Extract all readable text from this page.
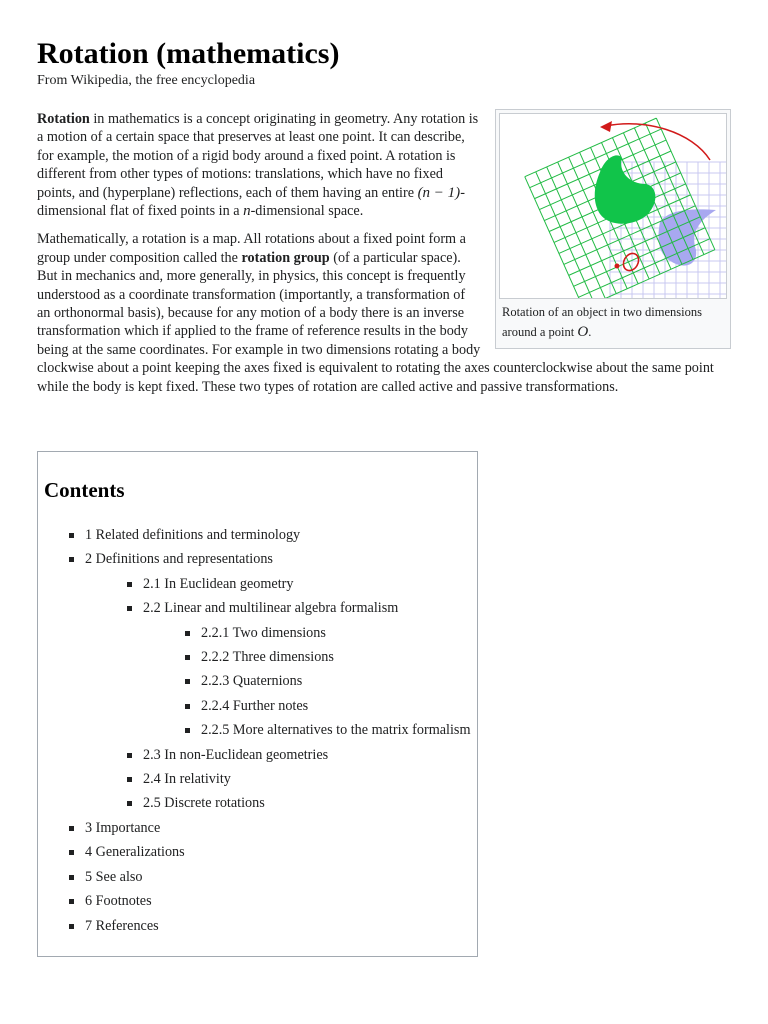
Rotation (mathematics)
From Wikipedia, the free encyclopedia
Rotation of an object in two dimensions around a point O.

Rotation in mathematics is a concept originating in geometry. Any rotation is a motion of a certain space that preserves at least one point. It can describe, for example, the motion of a rigid body around a fixed point. A rotation is different from other types of motions: translations, which have no fixed points, and (hyperplane) reflections, each of them having an entire (n − 1)-dimensional flat of fixed points in a n-dimensional space.

Mathematically, a rotation is a map. All rotations about a fixed point form a group under composition called the rotation group (of a particular space). But in mechanics and, more generally, in physics, this concept is frequently understood as a coordinate transformation (importantly, a transformation of an orthonormal basis), because for any motion of a body there is an inverse transformation which if applied to the frame of reference results in the body being at the same coordinates. For example in two dimensions rotating a body clockwise about a point keeping the axes fixed is equivalent to rotating the axes counterclockwise about the same point while the body is kept fixed. These two types of rotation are called active and passive transformations.

Contents
1 Related definitions and terminology
2 Definitions and representations
2.1 In Euclidean geometry
2.2 Linear and multilinear algebra formalism
2.2.1 Two dimensions
2.2.2 Three dimensions
2.2.3 Quaternions
2.2.4 Further notes
2.2.5 More alternatives to the matrix formalism
2.3 In non-Euclidean geometries
2.4 In relativity
2.5 Discrete rotations
3 Importance
4 Generalizations
5 See also
6 Footnotes
7 References
